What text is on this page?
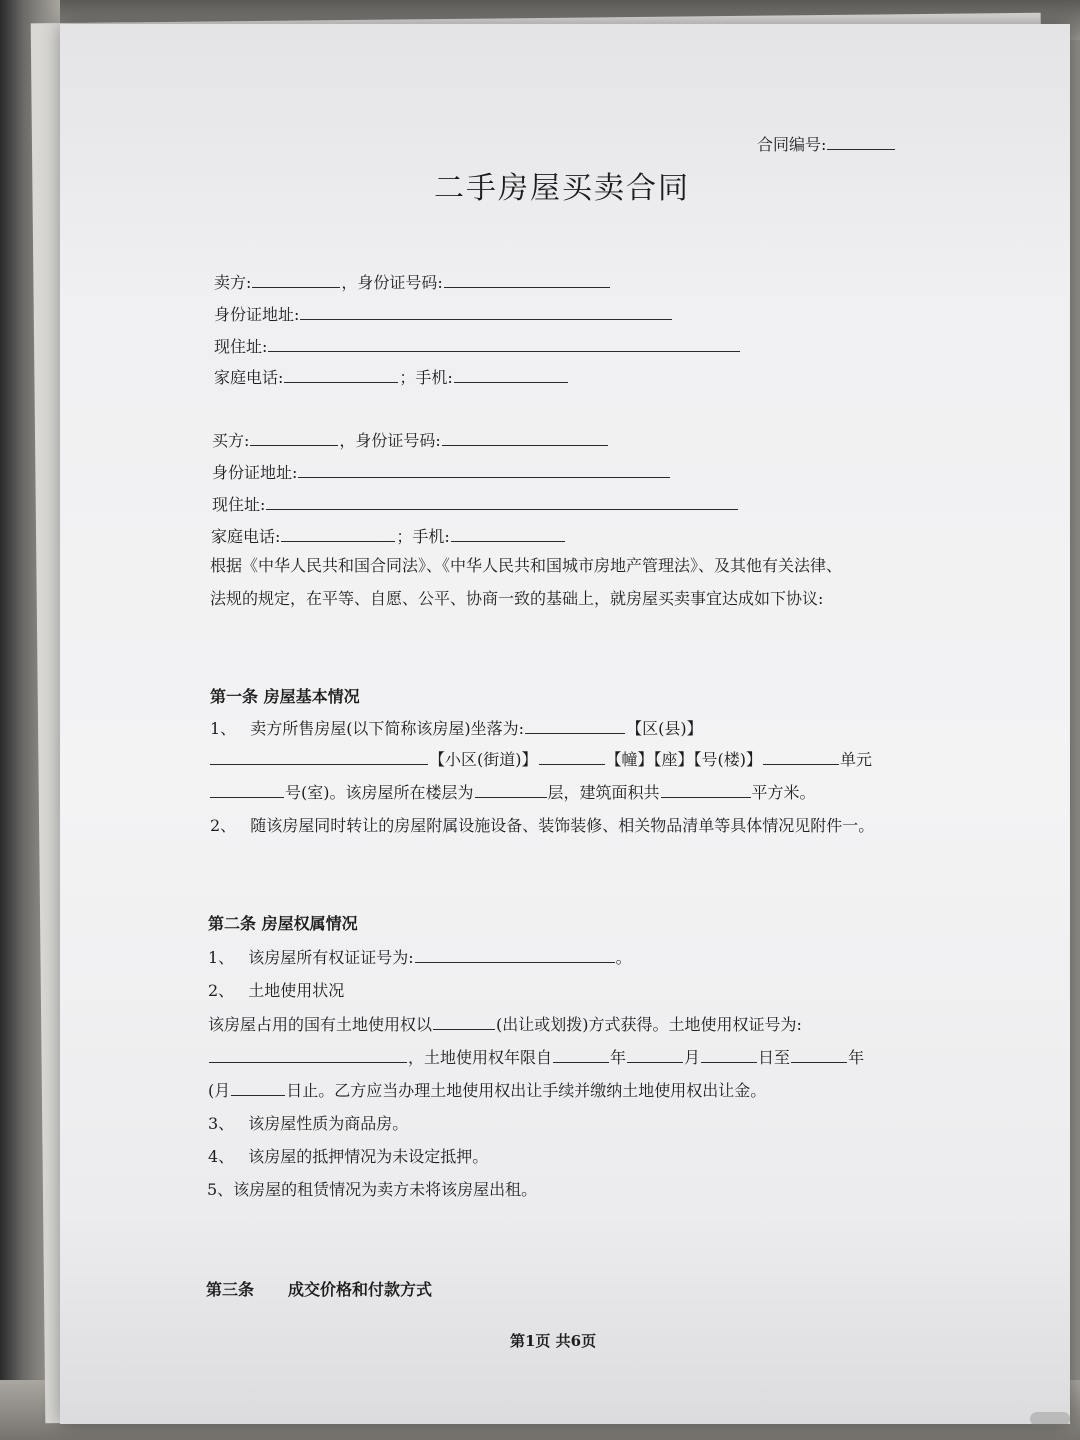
合同编号:
二手房屋买卖合同
卖方:	，身份证号码:
身份证地址:
现住址:
家庭电话:	；手机:
买方:	，身份证号码:
身份证地址:
现住址:
家庭电话:	；手机:
根据《中华人民共和国合同法》、《中华人民共和国城市房地产管理法》、及其他有关法律、
法规的规定，在平等、自愿、公平、协商一致的基础上，就房屋买卖事宜达成如下协议:
第一条 房屋基本情况
1、 卖方所售房屋(以下简称该房屋)坐落为:	【区(县)】
【小区(街道)】	【幢】【座】【号(楼)】	单元
号(室)。该房屋所在楼层为	层，建筑面积共	平方米。
2、 随该房屋同时转让的房屋附属设施设备、装饰装修、相关物品清单等具体情况见附件一。
第二条 房屋权属情况
1、 该房屋所有权证证号为:	。
2、 土地使用状况
该房屋占用的国有土地使用权以	(出让或划拨)方式获得。土地使用权证号为:
，土地使用权年限自	年	月	日至	年
(月	日止。乙方应当办理土地使用权出让手续并缴纳土地使用权出让金。
3、 该房屋性质为商品房。
4、 该房屋的抵押情况为未设定抵押。
5、该房屋的租赁情况为卖方未将该房屋出租。
第三条 成交价格和付款方式
第1页 共6页
